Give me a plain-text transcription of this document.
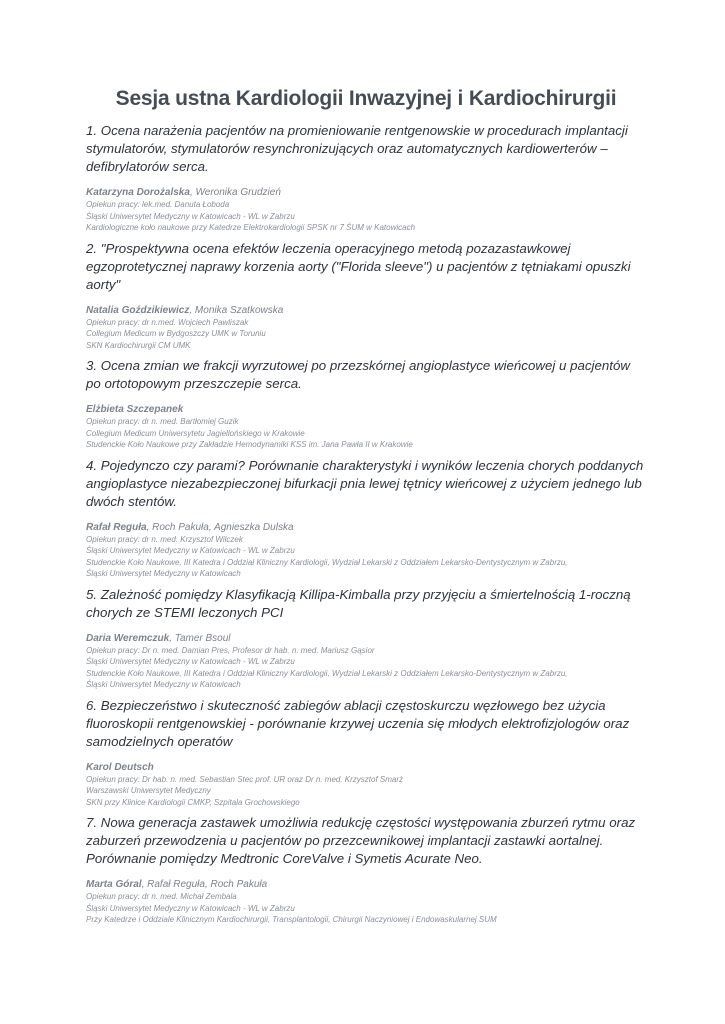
Sesja ustna Kardiologii Inwazyjnej i Kardiochirurgii

1. Ocena narażenia pacjentów na promieniowanie rentgenowskie w procedurach implantacji stymulatorów, stymulatorów resynchronizujących oraz automatycznych kardiowerterów – defibrylatorów serca.

Katarzyna Dorożalska, Weronika Grudzień

Opiekun pracy: lek.med. Danuta Łoboda

Śląski Uniwersytet Medyczny w Katowicach - WL w Zabrzu

Kardiologiczne koło naukowe przy Katedrze Elektrokardiologii SPSK nr 7 ŚUM w Katowicach

2. "Prospektywna ocena efektów leczenia operacyjnego metodą pozazastawkowej egzoprotetycznej naprawy korzenia aorty ("Florida sleeve") u pacjentów z tętniakami opuszki aorty"

Natalia Goździkiewicz, Monika Szatkowska

Opiekun pracy: dr n.med. Wojciech Pawliszak

Collegium Medicum w Bydgoszczy UMK w Toruniu

SKN Kardiochirurgii CM UMK

3. Ocena zmian we frakcji wyrzutowej po przezskórnej angioplastyce wieńcowej u pacjentów po ortotopowym przeszczepie serca.

Elżbieta Szczepanek

Opiekun pracy: dr n. med. Bartłomiej Guzik

Collegium Medicum Uniwersytetu Jagiellońskiego w Krakowie

Studenckie Koło Naukowe przy Zakładzie Hemodynamiki KSS im. Jana Pawła II w Krakowie

4. Pojedynczo czy parami? Porównanie charakterystyki i wyników leczenia chorych poddanych angioplastyce niezabezpieczonej bifurkacji pnia lewej tętnicy wieńcowej z użyciem jednego lub dwóch stentów.

Rafał Reguła, Roch Pakuła, Agnieszka Dulska

Opiekun pracy: dr n. med. Krzysztof Wilczek

Śląski Uniwersytet Medyczny w Katowicach - WL w Zabrzu

Studenckie Koło Naukowe, III Katedra i Oddział Kliniczny Kardiologii, Wydział Lekarski z Oddziałem Lekarsko-Dentystycznym w Zabrzu,

Śląski Uniwersytet Medyczny w Katowicach

5. Zależność pomiędzy Klasyfikacją Killipa-Kimballa przy przyjęciu a śmiertelnością 1-roczną chorych ze STEMI leczonych PCI

Daria Weremczuk, Tamer Bsoul

Opiekun pracy: Dr n. med. Damian Pres, Profesor dr hab. n. med. Mariusz Gąsior

Śląski Uniwersytet Medyczny w Katowicach - WL w Zabrzu

Studenckie Koło Naukowe, III Katedra i Oddział Kliniczny Kardiologii, Wydział Lekarski z Oddziałem Lekarsko-Dentystycznym w Zabrzu,

Śląski Uniwersytet Medyczny w Katowicach

6. Bezpieczeństwo i skuteczność zabiegów ablacji częstoskurczu węzłowego bez użycia fluoroskopii rentgenowskiej - porównanie krzywej uczenia się młodych elektrofizjologów oraz samodzielnych operatów

Karol Deutsch

Opiekun pracy: Dr hab. n. med. Sebastian Stec prof. UR oraz Dr n. med. Krzysztof Smarż

Warszawski Uniwersytet Medyczny

SKN przy Klinice Kardiologii CMKP, Szpitala Grochowskiego

7. Nowa generacja zastawek umożliwia redukcję częstości występowania zburzeń rytmu oraz zaburzeń przewodzenia u pacjentów po przezcewnikowej implantacji zastawki aortalnej. Porównanie pomiędzy Medtronic CoreValve i Symetis Acurate Neo.

Marta Góral, Rafał Reguła, Roch Pakuła

Opiekun pracy: dr n. med. Michał Zembala

Śląski Uniwersytet Medyczny w Katowicach - WL w Zabrzu

Przy Katedrze i Oddziale Klinicznym Kardiochirurgii, Transplantologii, Chirurgii Naczyniowej i Endowaskularnej SUM
